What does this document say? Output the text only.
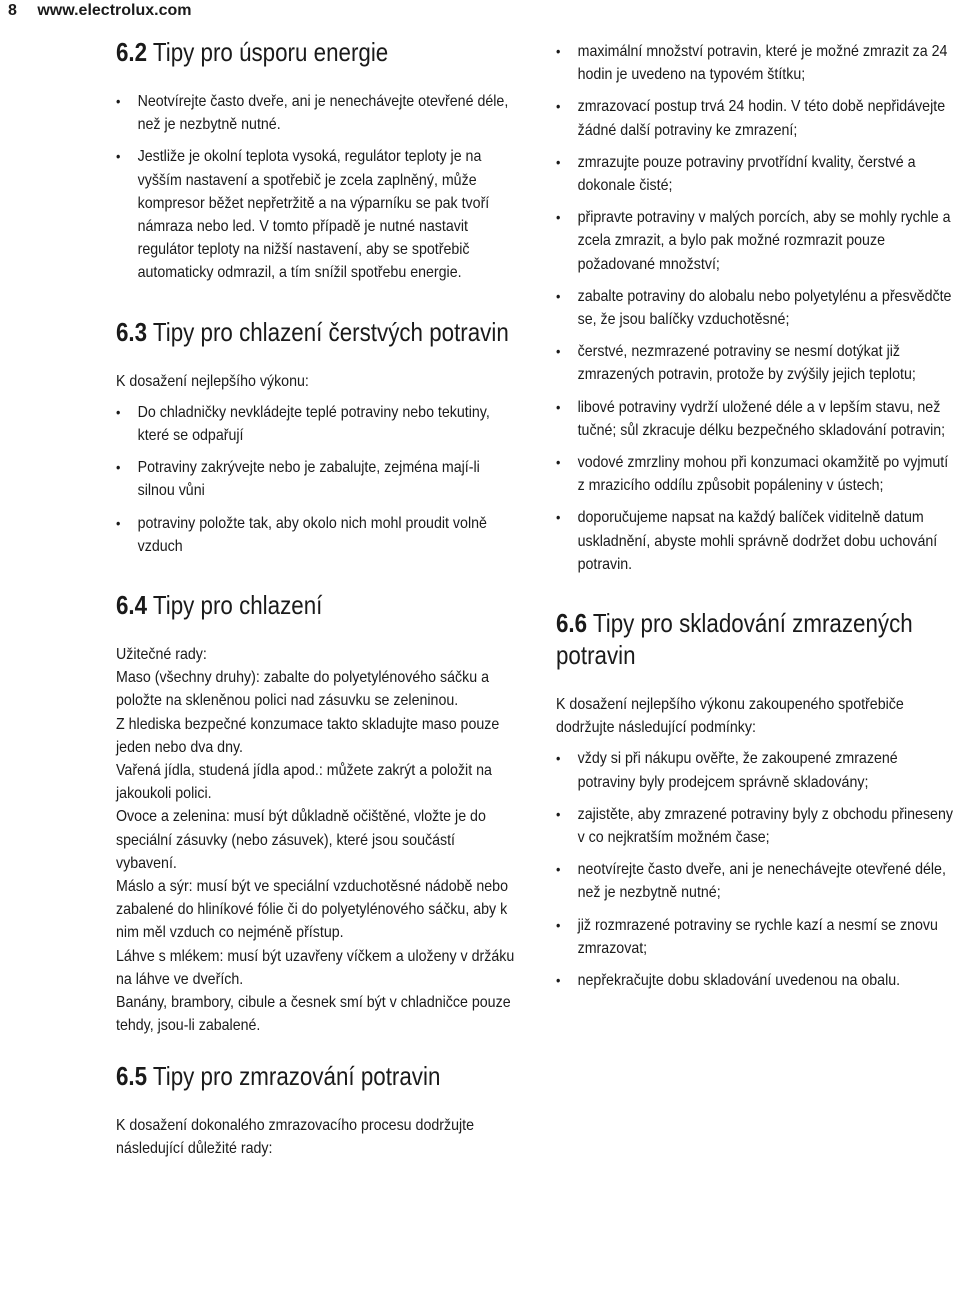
8 www.electrolux.com
6.2 Tipy pro úsporu energie
• Neotvírejte často dveře, ani je nenechávejte otevřené déle, než je nezbytně nutné.
• Jestliže je okolní teplota vysoká, regulátor teploty je na vyšším nastavení a spotřebič je zcela zaplněný, může kompresor běžet nepřetržitě a na výparníku se pak tvoří námraza nebo led. V tomto případě je nutné nastavit regulátor teploty na nižší nastavení, aby se spotřebič automaticky odmrazil, a tím snížil spotřebu energie.
6.3 Tipy pro chlazení čerstvých potravin

K dosažení nejlepšího výkonu:

• Do chladničky nevkládejte teplé potraviny nebo tekutiny, které se odpařují
• Potraviny zakrývejte nebo je zabalujte, zejména mají-li silnou vůni
• potraviny položte tak, aby okolo nich mohl proudit volně vzduch
6.4 Tipy pro chlazení

Užitečné rady:

Maso (všechny druhy): zabalte do polyetylénového sáčku a položte na skleněnou polici nad zásuvku se zeleninou.

Z hlediska bezpečné konzumace takto skladujte maso pouze jeden nebo dva dny.

Vařená jídla, studená jídla apod.: můžete zakrýt a položit na jakoukoli polici.

Ovoce a zelenina: musí být důkladně očištěné, vložte je do speciální zásuvky (nebo zásuvek), které jsou součástí vybavení.

Máslo a sýr: musí být ve speciální vzduchotěsné nádobě nebo zabalené do hliníkové fólie či do polyetylénového sáčku, aby k nim měl vzduch co nejméně přístup.

Láhve s mlékem: musí být uzavřeny víčkem a uloženy v držáku na láhve ve dveřích.

Banány, brambory, cibule a česnek smí být v chladničce pouze tehdy, jsou-li zabalené.

6.5 Tipy pro zmrazování potravin

K dosažení dokonalého zmrazovacího procesu dodržujte následující důležité rady:

• maximální množství potravin, které je možné zmrazit za 24 hodin je uvedeno na typovém štítku;
• zmrazovací postup trvá 24 hodin. V této době nepřidávejte žádné další potraviny ke zmrazení;
• zmrazujte pouze potraviny prvotřídní kvality, čerstvé a dokonale čisté;
• připravte potraviny v malých porcích, aby se mohly rychle a zcela zmrazit, a bylo pak možné rozmrazit pouze požadované množství;
• zabalte potraviny do alobalu nebo polyetylénu a přesvědčte se, že jsou balíčky vzduchotěsné;
• čerstvé, nezmrazené potraviny se nesmí dotýkat již zmrazených potravin, protože by zvýšily jejich teplotu;
• libové potraviny vydrží uložené déle a v lepším stavu, než tučné; sůl zkracuje délku bezpečného skladování potravin;
• vodové zmrzliny mohou při konzumaci okamžitě po vyjmutí z mrazicího oddílu způsobit popáleniny v ústech;
• doporučujeme napsat na každý balíček viditelně datum uskladnění, abyste mohli správně dodržet dobu uchování potravin.
6.6 Tipy pro skladování zmrazených potravin

K dosažení nejlepšího výkonu zakoupeného spotřebiče dodržujte následující podmínky:

• vždy si při nákupu ověřte, že zakoupené zmrazené potraviny byly prodejcem správně skladovány;
• zajistěte, aby zmrazené potraviny byly z obchodu přineseny v co nejkratším možném čase;
• neotvírejte často dveře, ani je nenechávejte otevřené déle, než je nezbytně nutné;
• již rozmrazené potraviny se rychle kazí a nesmí se znovu zmrazovat;
• nepřekračujte dobu skladování uvedenou na obalu.
